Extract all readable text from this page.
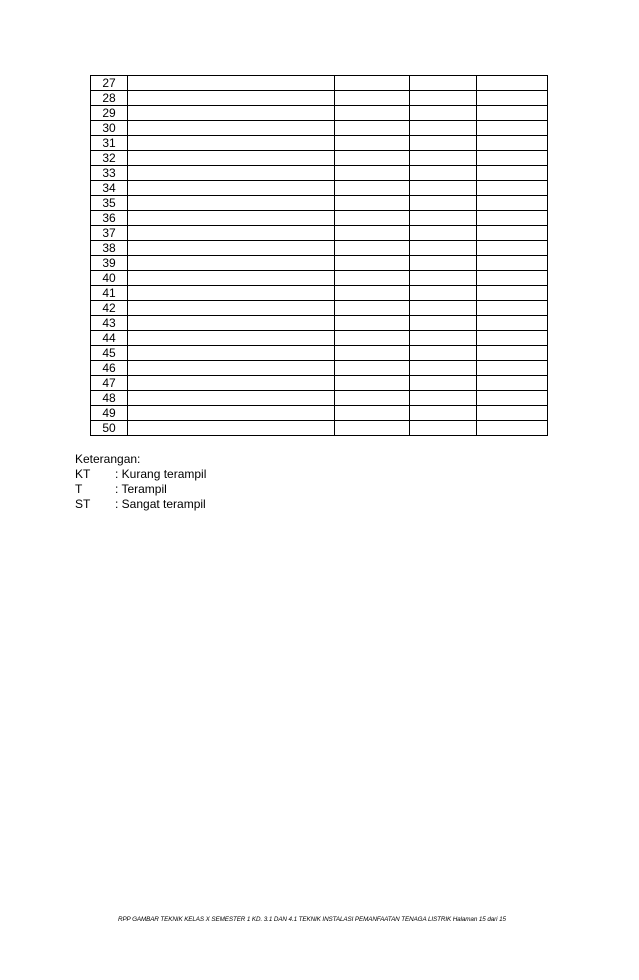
27				
28				
29				
30				
31				
32				
33				
34				
35				
36				
37				
38				
39				
40				
41				
42				
43				
44				
45				
46				
47				
48				
49				
50				
Keterangan:
KT	: Kurang terampil
T	: Terampil
ST	: Sangat terampil
RPP GAMBAR TEKNIK KELAS X SEMESTER 1 KD. 3.1 DAN 4.1 TEKNIK INSTALASI PEMANFAATAN TENAGA LISTRIK Halaman 15 dari 15
